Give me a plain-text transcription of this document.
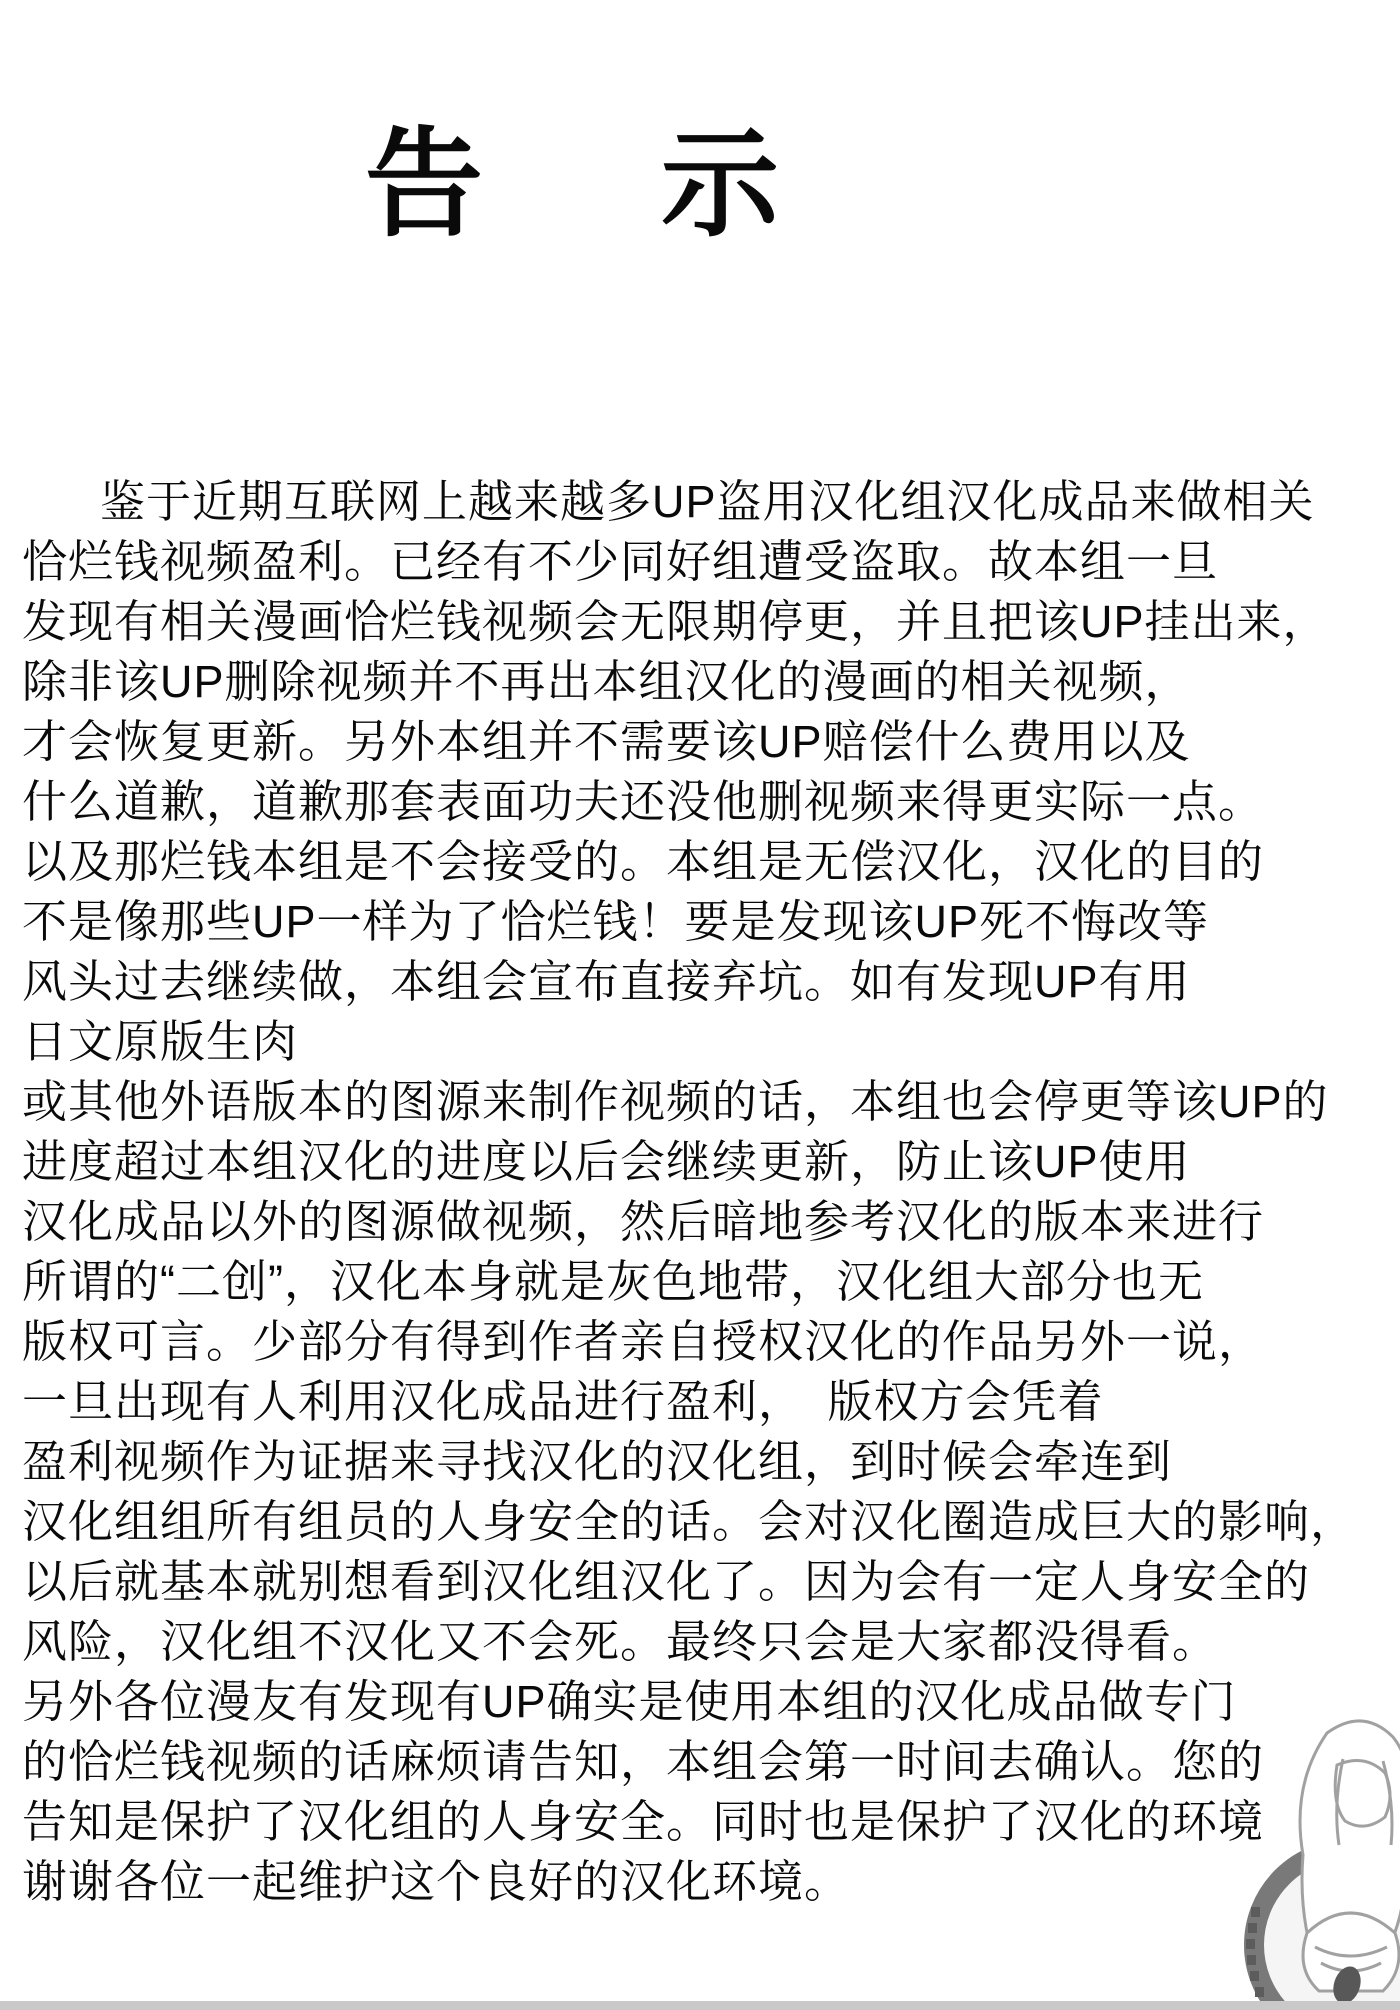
告 示
鉴于近期互联网上越来越多UP盗用汉化组汉化成品来做相关
恰烂钱视频盈利。已经有不少同好组遭受盗取。故本组一旦
发现有相关漫画恰烂钱视频会无限期停更，并且把该UP挂出来，
除非该UP删除视频并不再出本组汉化的漫画的相关视频，
才会恢复更新。另外本组并不需要该UP赔偿什么费用以及
什么道歉，道歉那套表面功夫还没他删视频来得更实际一点。
以及那烂钱本组是不会接受的。本组是无偿汉化，汉化的目的
不是像那些UP一样为了恰烂钱！要是发现该UP死不悔改等
风头过去继续做，本组会宣布直接弃坑。如有发现UP有用
日文原版生肉
或其他外语版本的图源来制作视频的话，本组也会停更等该UP的
进度超过本组汉化的进度以后会继续更新，防止该UP使用
汉化成品以外的图源做视频，然后暗地参考汉化的版本来进行
所谓的“二创”，汉化本身就是灰色地带，汉化组大部分也无
版权可言。少部分有得到作者亲自授权汉化的作品另外一说，
一旦出现有人利用汉化成品进行盈利，　版权方会凭着
盈利视频作为证据来寻找汉化的汉化组，到时候会牵连到
汉化组组所有组员的人身安全的话。会对汉化圈造成巨大的影响，
以后就基本就别想看到汉化组汉化了。因为会有一定人身安全的
风险，汉化组不汉化又不会死。最终只会是大家都没得看。
另外各位漫友有发现有UP确实是使用本组的汉化成品做专门
的恰烂钱视频的话麻烦请告知，本组会第一时间去确认。您的
告知是保护了汉化组的人身安全。同时也是保护了汉化的环境
谢谢各位一起维护这个良好的汉化环境。
